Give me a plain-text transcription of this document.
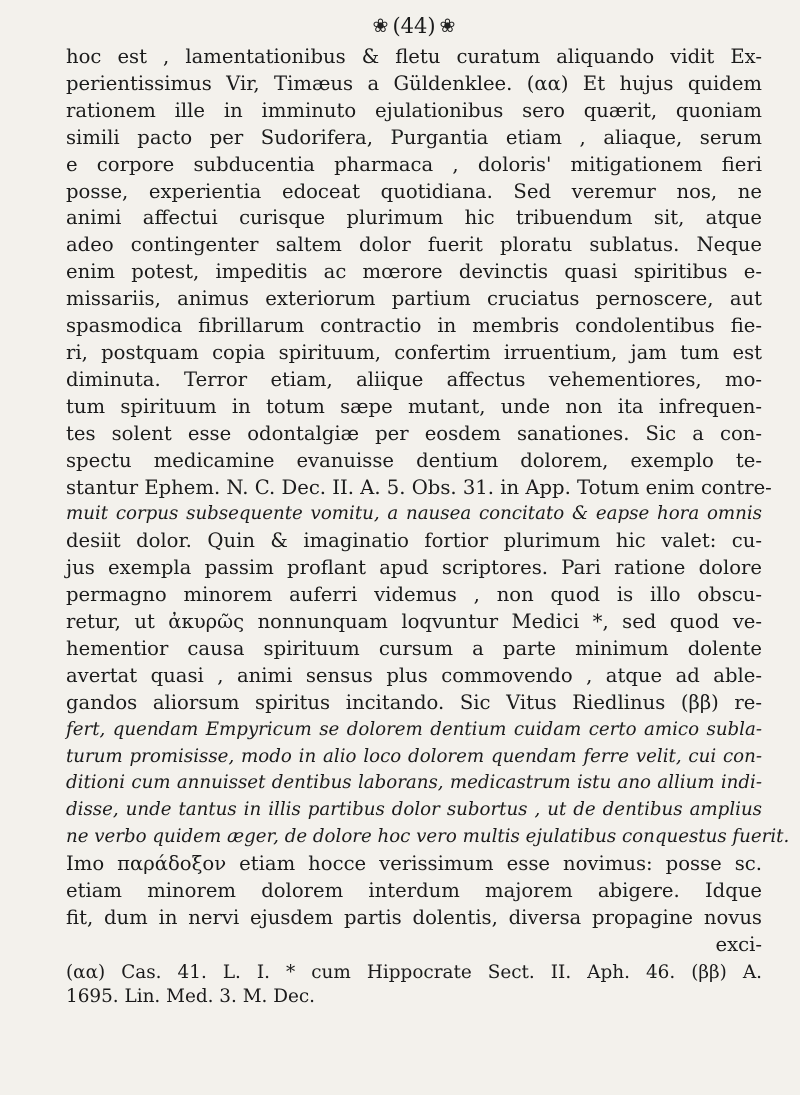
❀ (44) ❀
hoc est , lamentationibus & fletu curatum aliquando vidit Ex-
perientissimus Vir, Timæus a Güldenklee. (αα) Et hujus quidem
rationem ille in imminuto ejulationibus sero quærit, quoniam
simili pacto per Sudorifera, Purgantia etiam , aliaque, serum
e corpore subducentia pharmaca , doloris' mitigationem fieri
posse, experientia edoceat quotidiana. Sed veremur nos, ne
animi affectui curisque plurimum hic tribuendum sit, atque
adeo contingenter saltem dolor fuerit ploratu sublatus. Neque
enim potest, impeditis ac mœrore devinctis quasi spiritibus e-
missariis, animus exteriorum partium cruciatus pernoscere, aut
spasmodica fibrillarum contractio in membris condolentibus fie-
ri, postquam copia spirituum, confertim irruentium, jam tum est
diminuta. Terror etiam, aliique affectus vehementiores, mo-
tum spirituum in totum sæpe mutant, unde non ita infrequen-
tes solent esse odontalgiæ per eosdem sanationes. Sic a con-
spectu medicamine evanuisse dentium dolorem, exemplo te-
stantur Ephem. N. C. Dec. II. A. 5. Obs. 31. in App. Totum enim contre-
muit corpus subsequente vomitu, a nausea concitato & eapse hora omnis
desiit dolor. Quin & imaginatio fortior plurimum hic valet: cu-
jus exempla passim proflant apud scriptores. Pari ratione dolore
permagno minorem auferri videmus , non quod is illo obscu-
retur, ut ἀκυρῶς nonnunquam loqvuntur Medici *, sed quod ve-
hementior causa spirituum cursum a parte minimum dolente
avertat quasi , animi sensus plus commovendo , atque ad able-
gandos aliorsum spiritus incitando. Sic Vitus Riedlinus (ββ) re-
fert, quendam Empyricum se dolorem dentium cuidam certo amico subla-
turum promisisse, modo in alio loco dolorem quendam ferre velit, cui con-
ditioni cum annuisset dentibus laborans, medicastrum istu ano allium indi-
disse, unde tantus in illis partibus dolor subortus , ut de dentibus amplius
ne verbo quidem æger, de dolore hoc vero multis ejulatibus conquestus fuerit.
Imo παράδοξον etiam hocce verissimum esse novimus: posse sc.
etiam minorem dolorem interdum majorem abigere. Idque
fit, dum in nervi ejusdem partis dolentis, diversa propagine novus
exci-
(αα) Cas. 41. L. I. * cum Hippocrate Sect. II. Aph. 46. (ββ) A.
1695. Lin. Med. 3. M. Dec.
